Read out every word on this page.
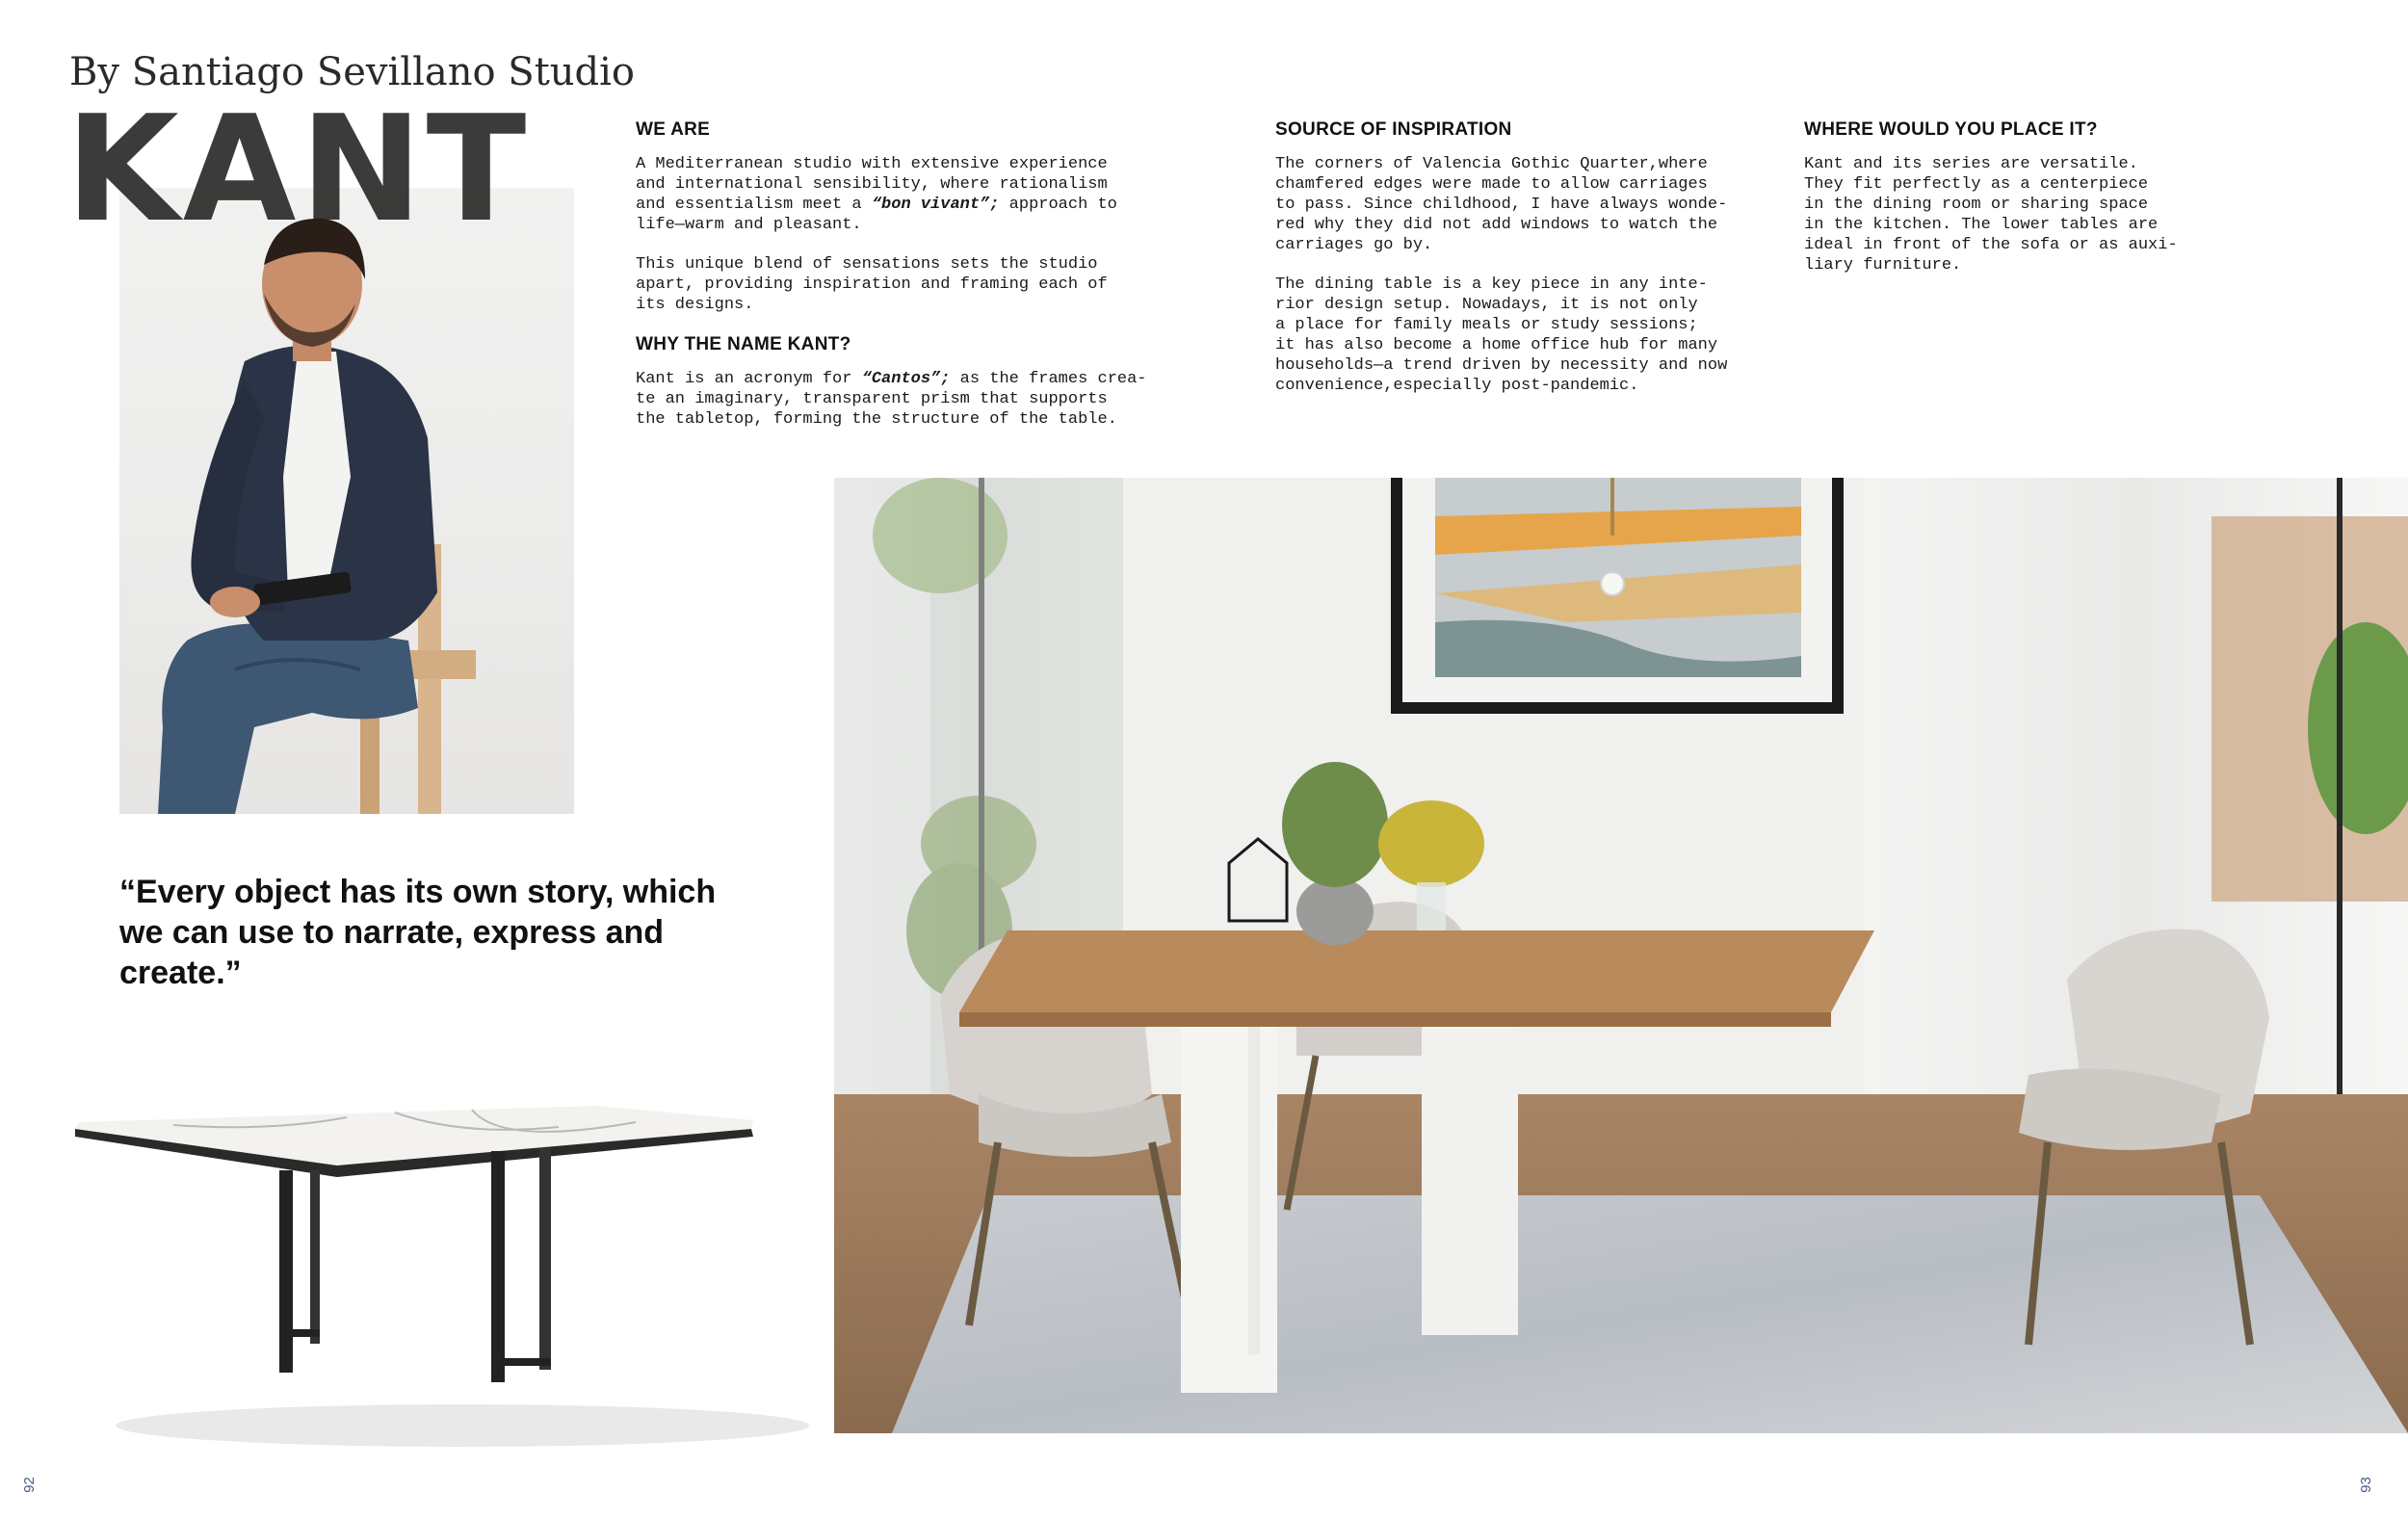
By Santiago Sevillano Studio
KANT	WE ARE
A Mediterranean studio with extensive experience
and international sensibility, where rationalism
and essentialism meet a “bon vivant”; approach to
life—warm and pleasant.
This unique blend of sensations sets the studio
apart, providing inspiration and framing each of
its designs.
WHY THE NAME KANT?
Kant is an acronym for “Cantos”; as the frames crea-
te an imaginary, transparent prism that supports
the tabletop, forming the structure of the table.
SOURCE OF INSPIRATION
The corners of Valencia Gothic Quarter,where
chamfered edges were made to allow carriages
to pass. Since childhood, I have always wonde-
red why they did not add windows to watch the
carriages go by.
The dining table is a key piece in any inte-
rior design setup. Nowadays, it is not only
a place for family meals or study sessions;
it has also become a home office hub for many
households—a trend driven by necessity and now
convenience,especially post-pandemic.
WHERE WOULD YOU PLACE IT?
Kant and its series are versatile.
They fit perfectly as a centerpiece
in the dining room or sharing space
in the kitchen. The lower tables are
ideal in front of the sofa or as auxi-
liary furniture.
“Every object has its own story, which we can use to narrate, express and create.”
92	93
